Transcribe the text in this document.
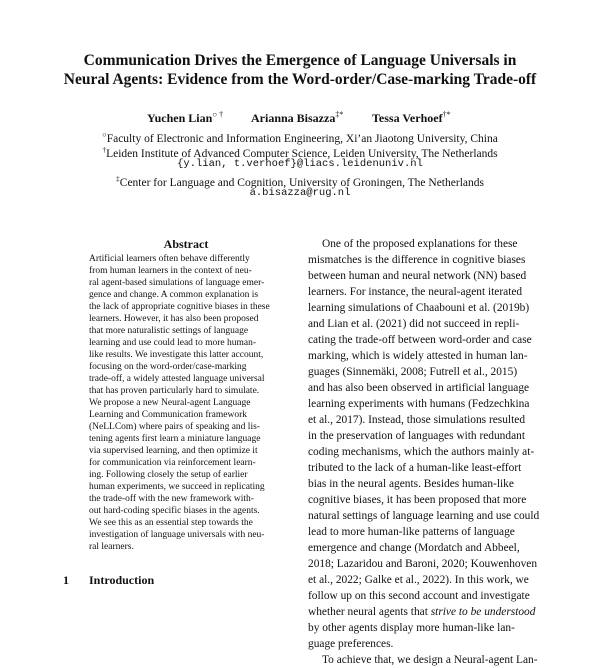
Communication Drives the Emergence of Language Universals in
Neural Agents: Evidence from the Word-order/Case-marking Trade-off
Yuchen Lian○ † Arianna Bisazza‡* Tessa Verhoef†*
○Faculty of Electronic and Information Engineering, Xi’an Jiaotong University, China
†Leiden Institute of Advanced Computer Science, Leiden University, The Netherlands
{y.lian, t.verhoef}@liacs.leidenuniv.nl
‡Center for Language and Cognition, University of Groningen, The Netherlands
a.bisazza@rug.nl
Abstract
Artificial learners often behave differently
from human learners in the context of neu-
ral agent-based simulations of language emer-
gence and change. A common explanation is
the lack of appropriate cognitive biases in these
learners. However, it has also been proposed
that more naturalistic settings of language
learning and use could lead to more human-
like results. We investigate this latter account,
focusing on the word-order/case-marking
trade-off, a widely attested language universal
that has proven particularly hard to simulate.
We propose a new Neural-agent Language
Learning and Communication framework
(NeLLCom) where pairs of speaking and lis-
tening agents first learn a miniature language
via supervised learning, and then optimize it
for communication via reinforcement learn-
ing. Following closely the setup of earlier
human experiments, we succeed in replicating
the trade-off with the new framework with-
out hard-coding specific biases in the agents.
We see this as an essential step towards the
investigation of language universals with neu-
ral learners.
1 Introduction
One of the proposed explanations for these
mismatches is the difference in cognitive biases
between human and neural network (NN) based
learners. For instance, the neural-agent iterated
learning simulations of Chaabouni et al. (2019b)
and Lian et al. (2021) did not succeed in repli-
cating the trade-off between word-order and case
marking, which is widely attested in human lan-
guages (Sinnemäki, 2008; Futrell et al., 2015)
and has also been observed in artificial language
learning experiments with humans (Fedzechkina
et al., 2017). Instead, those simulations resulted
in the preservation of languages with redundant
coding mechanisms, which the authors mainly at-
tributed to the lack of a human-like least-effort
bias in the neural agents. Besides human-like
cognitive biases, it has been proposed that more
natural settings of language learning and use could
lead to more human-like patterns of language
emergence and change (Mordatch and Abbeel,
2018; Lazaridou and Baroni, 2020; Kouwenhoven
et al., 2022; Galke et al., 2022). In this work, we
follow up on this second account and investigate
whether neural agents that strive to be understood
by other agents display more human-like lan-
guage preferences.
To achieve that, we design a Neural-agent Lan-
